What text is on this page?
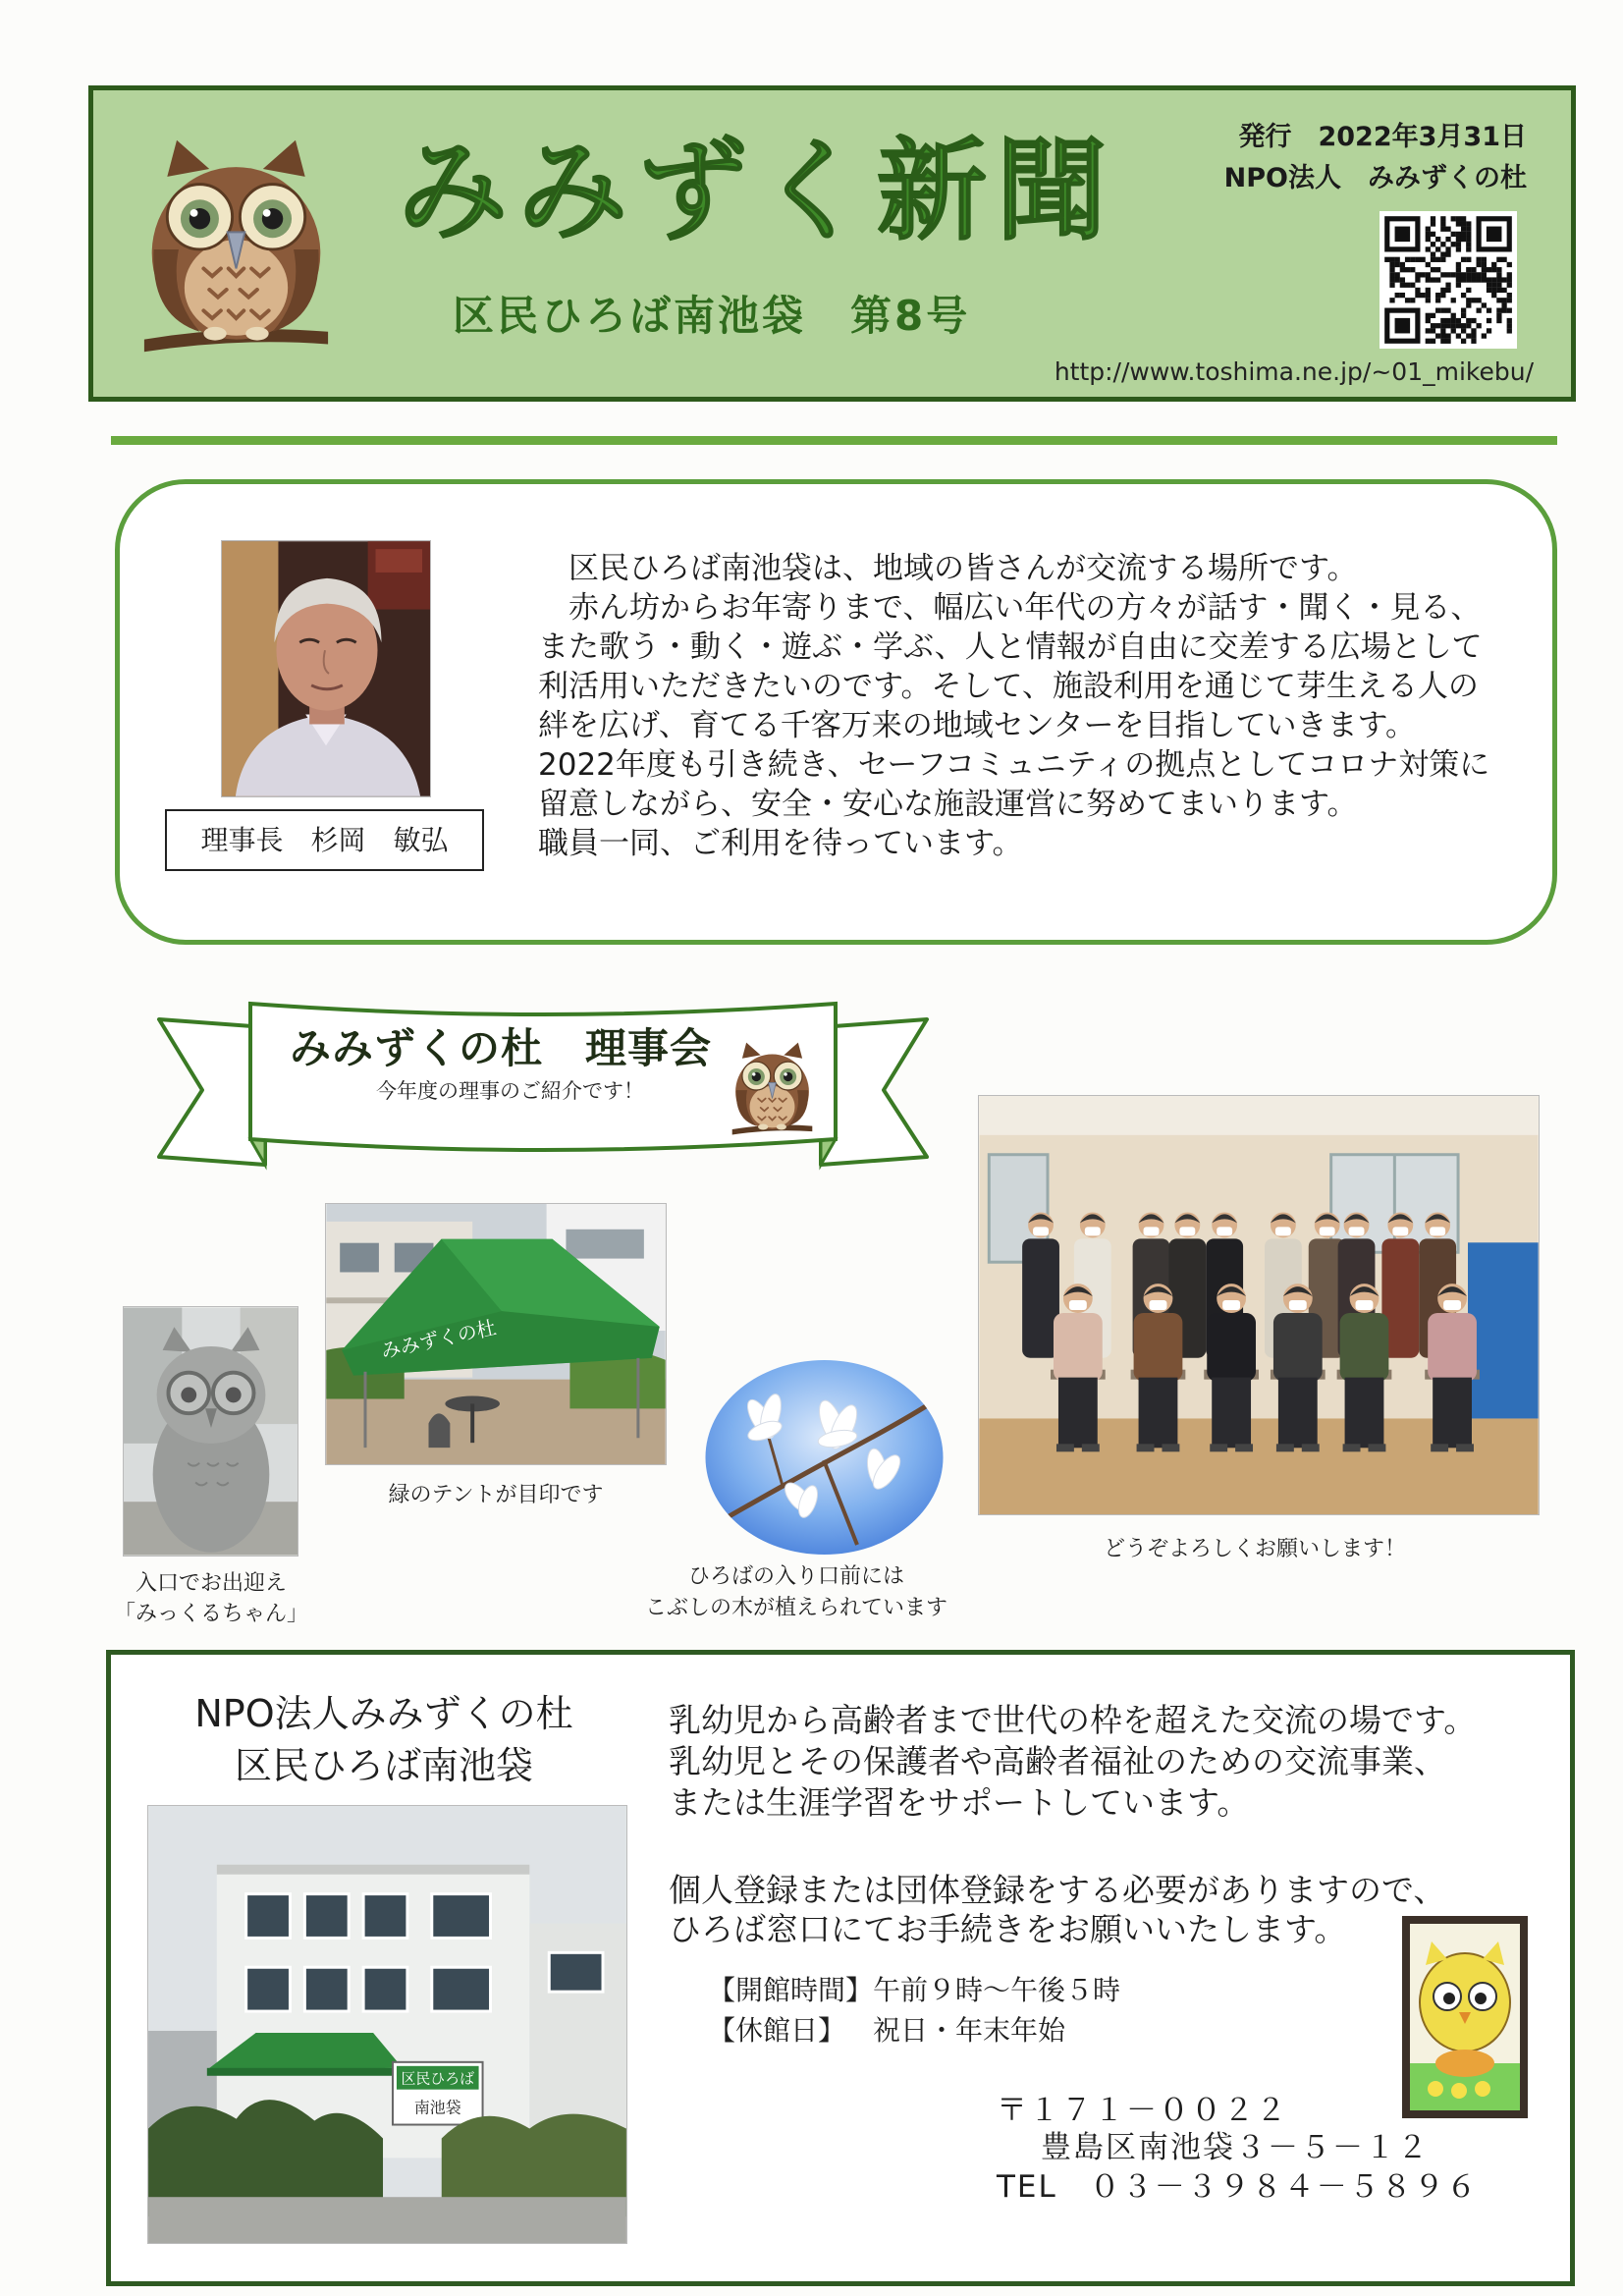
みみずく新聞
区民ひろば南池袋　第8号
発行　2022年3月31日
NPO法人　みみずくの杜
http://www.toshima.ne.jp/~01_mikebu/
理事長　杉岡　敏弘
　区民ひろば南池袋は、地域の皆さんが交流する場所です。
　赤ん坊からお年寄りまで、幅広い年代の方々が話す・聞く・見る、
また歌う・動く・遊ぶ・学ぶ、人と情報が自由に交差する広場として
利活用いただきたいのです。そして、施設利用を通じて芽生える人の
絆を広げ、育てる千客万来の地域センターを目指していきます。
2022年度も引き続き、セーフコミュニティの拠点としてコロナ対策に
留意しながら、安全・安心な施設運営に努めてまいります。
職員一同、ご利用を待っています。
みみずくの杜　理事会
今年度の理事のご紹介です！
みみずくの杜
緑のテントが目印です
入口でお出迎え
「みっくるちゃん」
ひろばの入り口前には
こぶしの木が植えられています
どうぞよろしくお願いします！
NPO法人みみずくの杜
区民ひろば南池袋
区民ひろば
南池袋
乳幼児から高齢者まで世代の枠を超えた交流の場です。
乳幼児とその保護者や高齢者福祉のための交流事業、
または生涯学習をサポートしています。
個人登録または団体登録をする必要がありますので、
ひろば窓口にてお手続きをお願いいたします。
【開館時間】 午前９時～午後５時
【休館日】 祝日・年末年始
〒１７１－００２２
豊島区南池袋３－５－１２
TEL　０３－３９８４－５８９６
